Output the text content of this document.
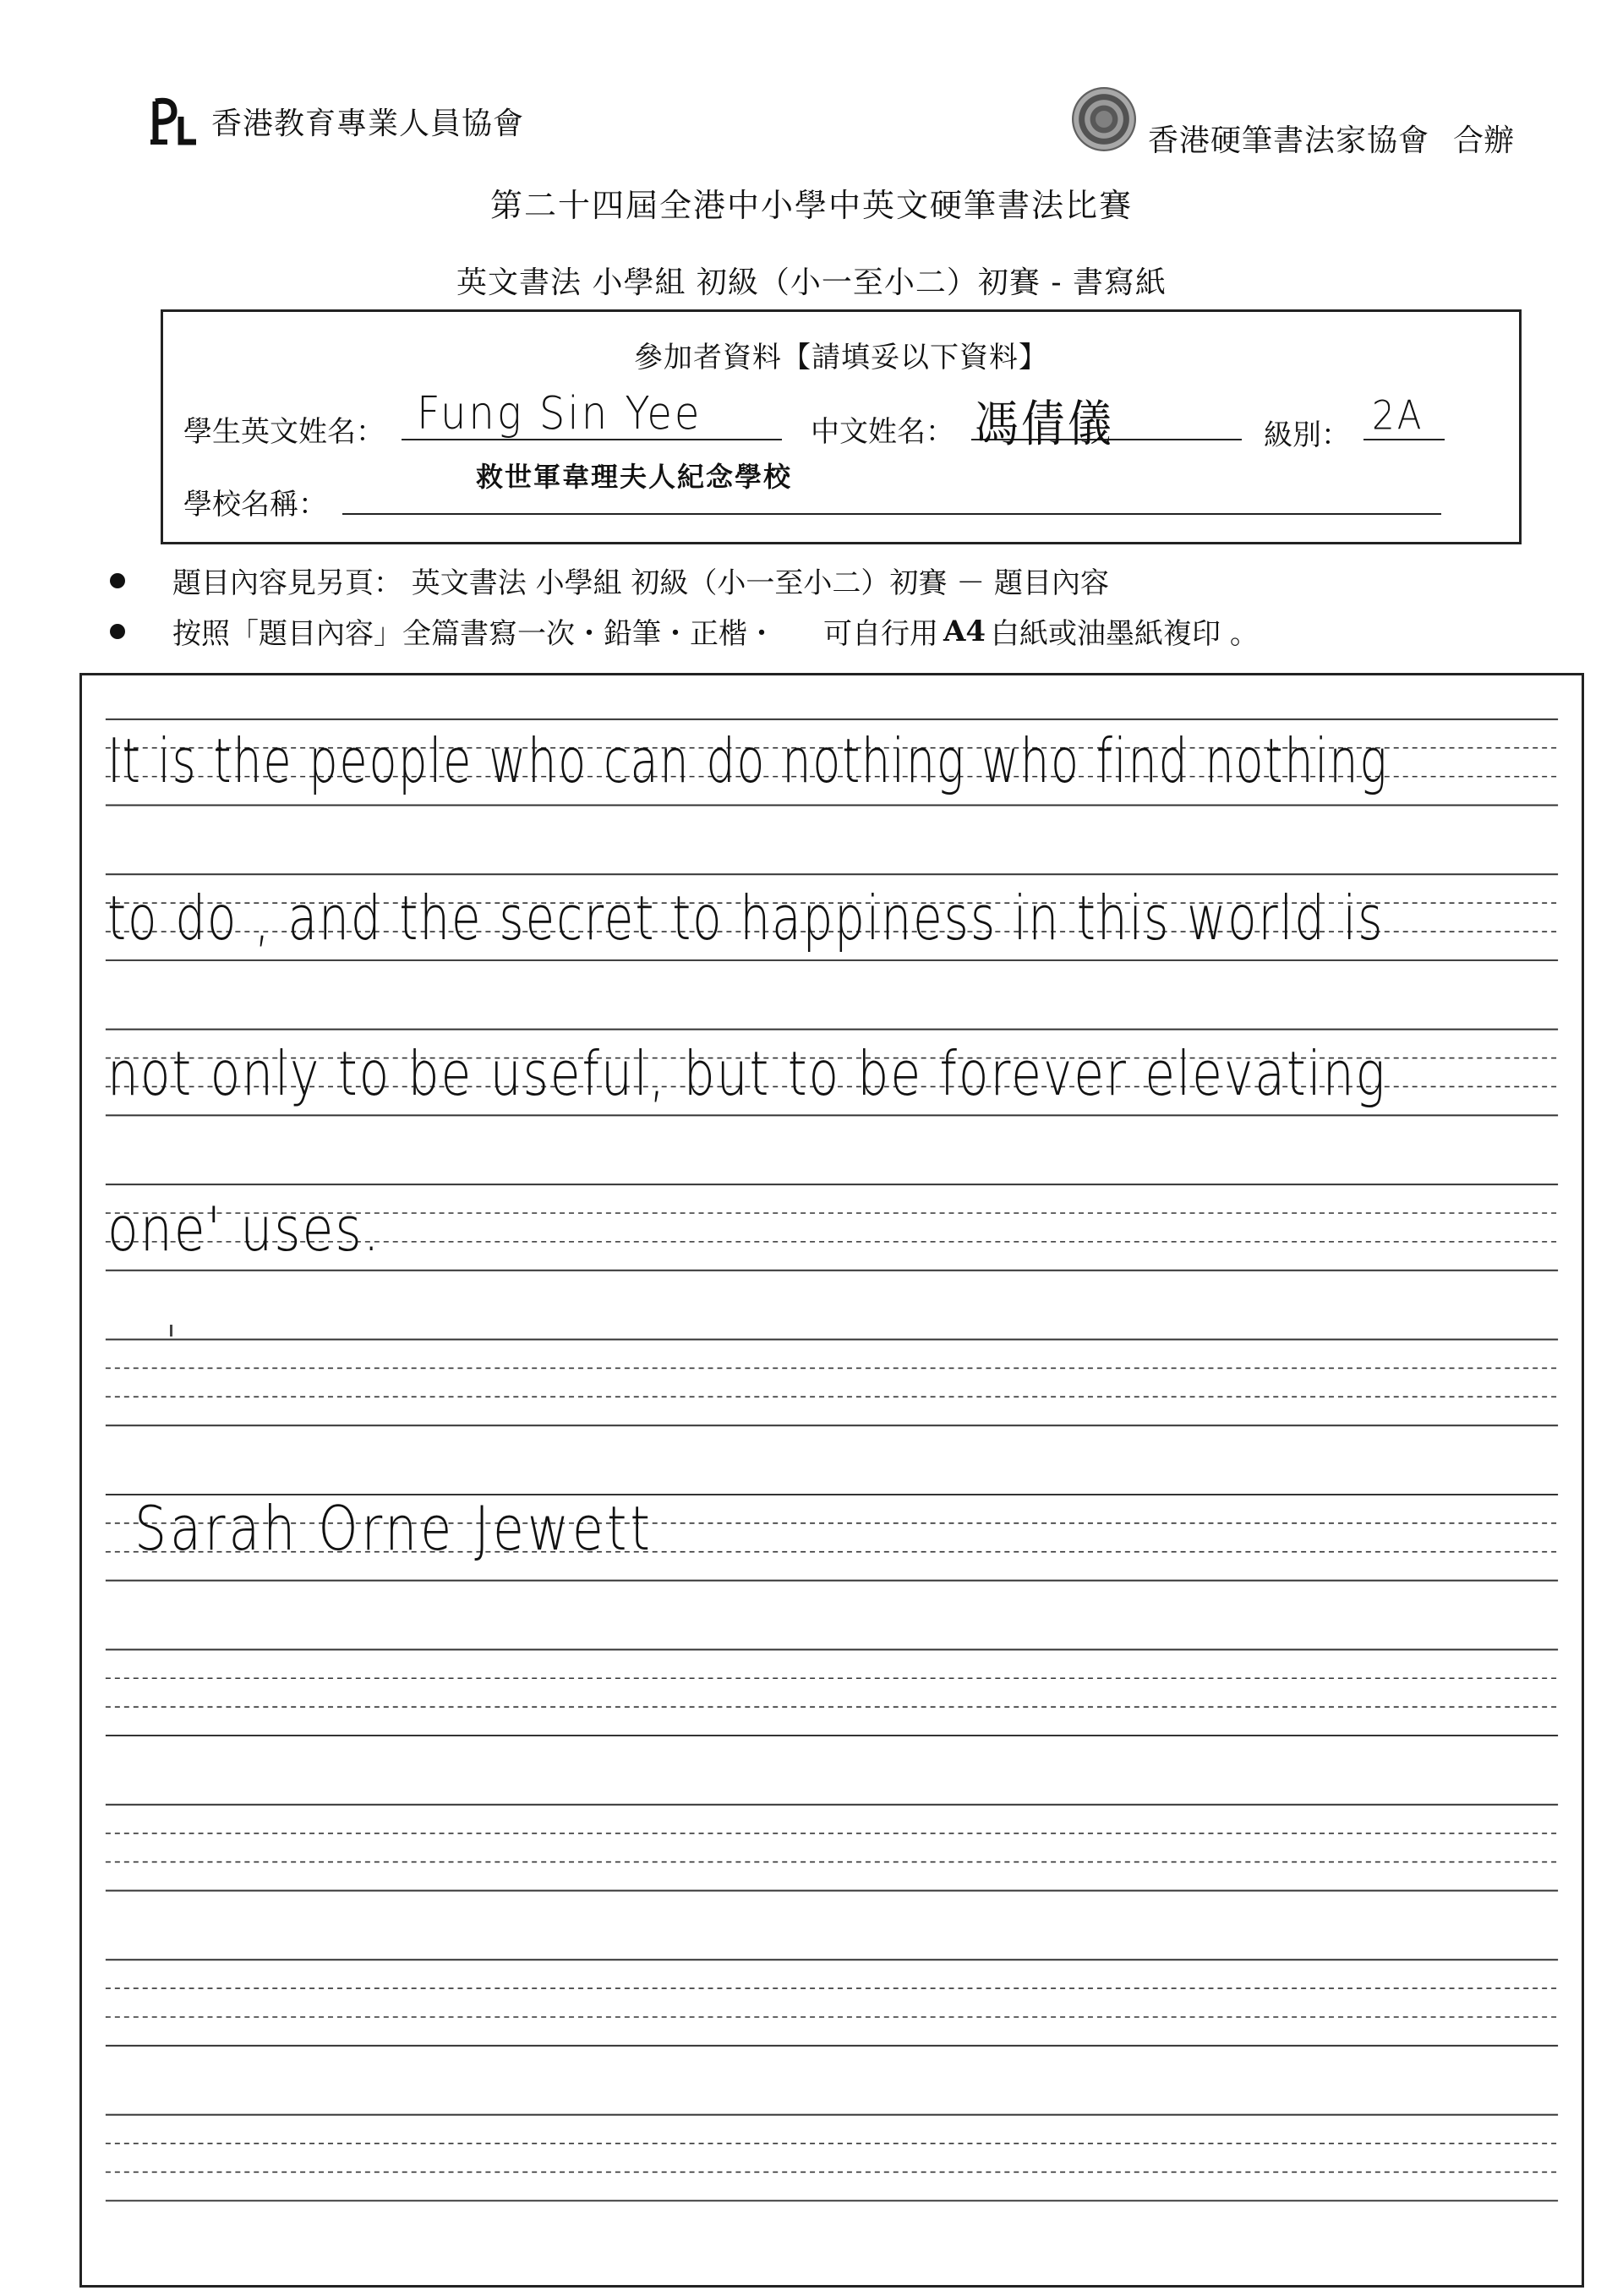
香港教育專業人員協會	香港硬筆書法家協會 合辦
第二十四屆全港中小學中英文硬筆書法比賽
英文書法 小學組 初級（小一至小二）初賽 - 書寫紙
參加者資料【請填妥以下資料】
學生英文姓名： Fung Sin Yee	中文姓名： 馮倩儀	級別： 2A
學校名稱：
救世軍韋理夫人紀念學校
題目內容見另頁： 英文書法 小學組 初級（小一至小二）初賽 － 題目內容
按照「題目內容」全篇書寫一次・鉛筆・正楷・ 可自行用 A4 白紙或油墨紙複印 。
It is the people who can do nothing who find nothing
to do , and the secret to happiness in this world is
not only to be useful, but to be forever elevating
one' uses.
Sarah Orne Jewett
